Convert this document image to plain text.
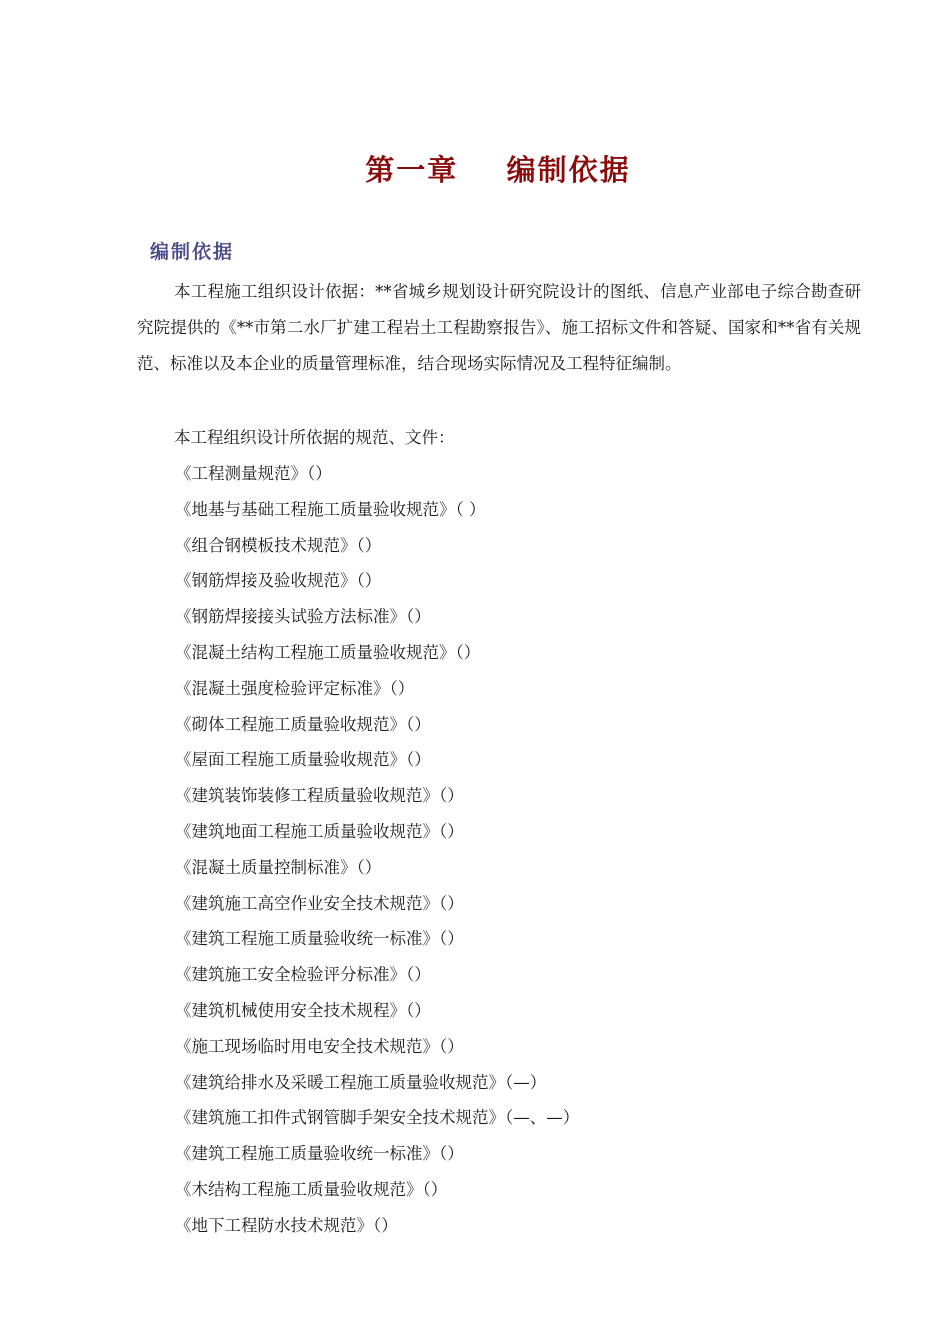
第一章    编制依据
编制依据
本工程施工组织设计依据：**省城乡规划设计研究院设计的图纸、信息产业部电子综合勘查研究院提供的《**市第二水厂扩建工程岩土工程勘察报告》、施工招标文件和答疑、国家和**省有关规范、标准以及本企业的质量管理标准，结合现场实际情况及工程特征编制。
本工程组织设计所依据的规范、文件：
《工程测量规范》（）
《地基与基础工程施工质量验收规范》（ ）
《组合钢模板技术规范》（）
《钢筋焊接及验收规范》（）
《钢筋焊接接头试验方法标准》（）
《混凝土结构工程施工质量验收规范》（）
《混凝土强度检验评定标准》（）
《砌体工程施工质量验收规范》（）
《屋面工程施工质量验收规范》（）
《建筑装饰装修工程质量验收规范》（）
《建筑地面工程施工质量验收规范》（）
《混凝土质量控制标准》（）
《建筑施工高空作业安全技术规范》（）
《建筑工程施工质量验收统一标准》（）
《建筑施工安全检验评分标准》（）
《建筑机械使用安全技术规程》（）
《施工现场临时用电安全技术规范》（）
《建筑给排水及采暖工程施工质量验收规范》（—）
《建筑施工扣件式钢管脚手架安全技术规范》（—、—）
《建筑工程施工质量验收统一标准》（）
《木结构工程施工质量验收规范》（）
《地下工程防水技术规范》（）
